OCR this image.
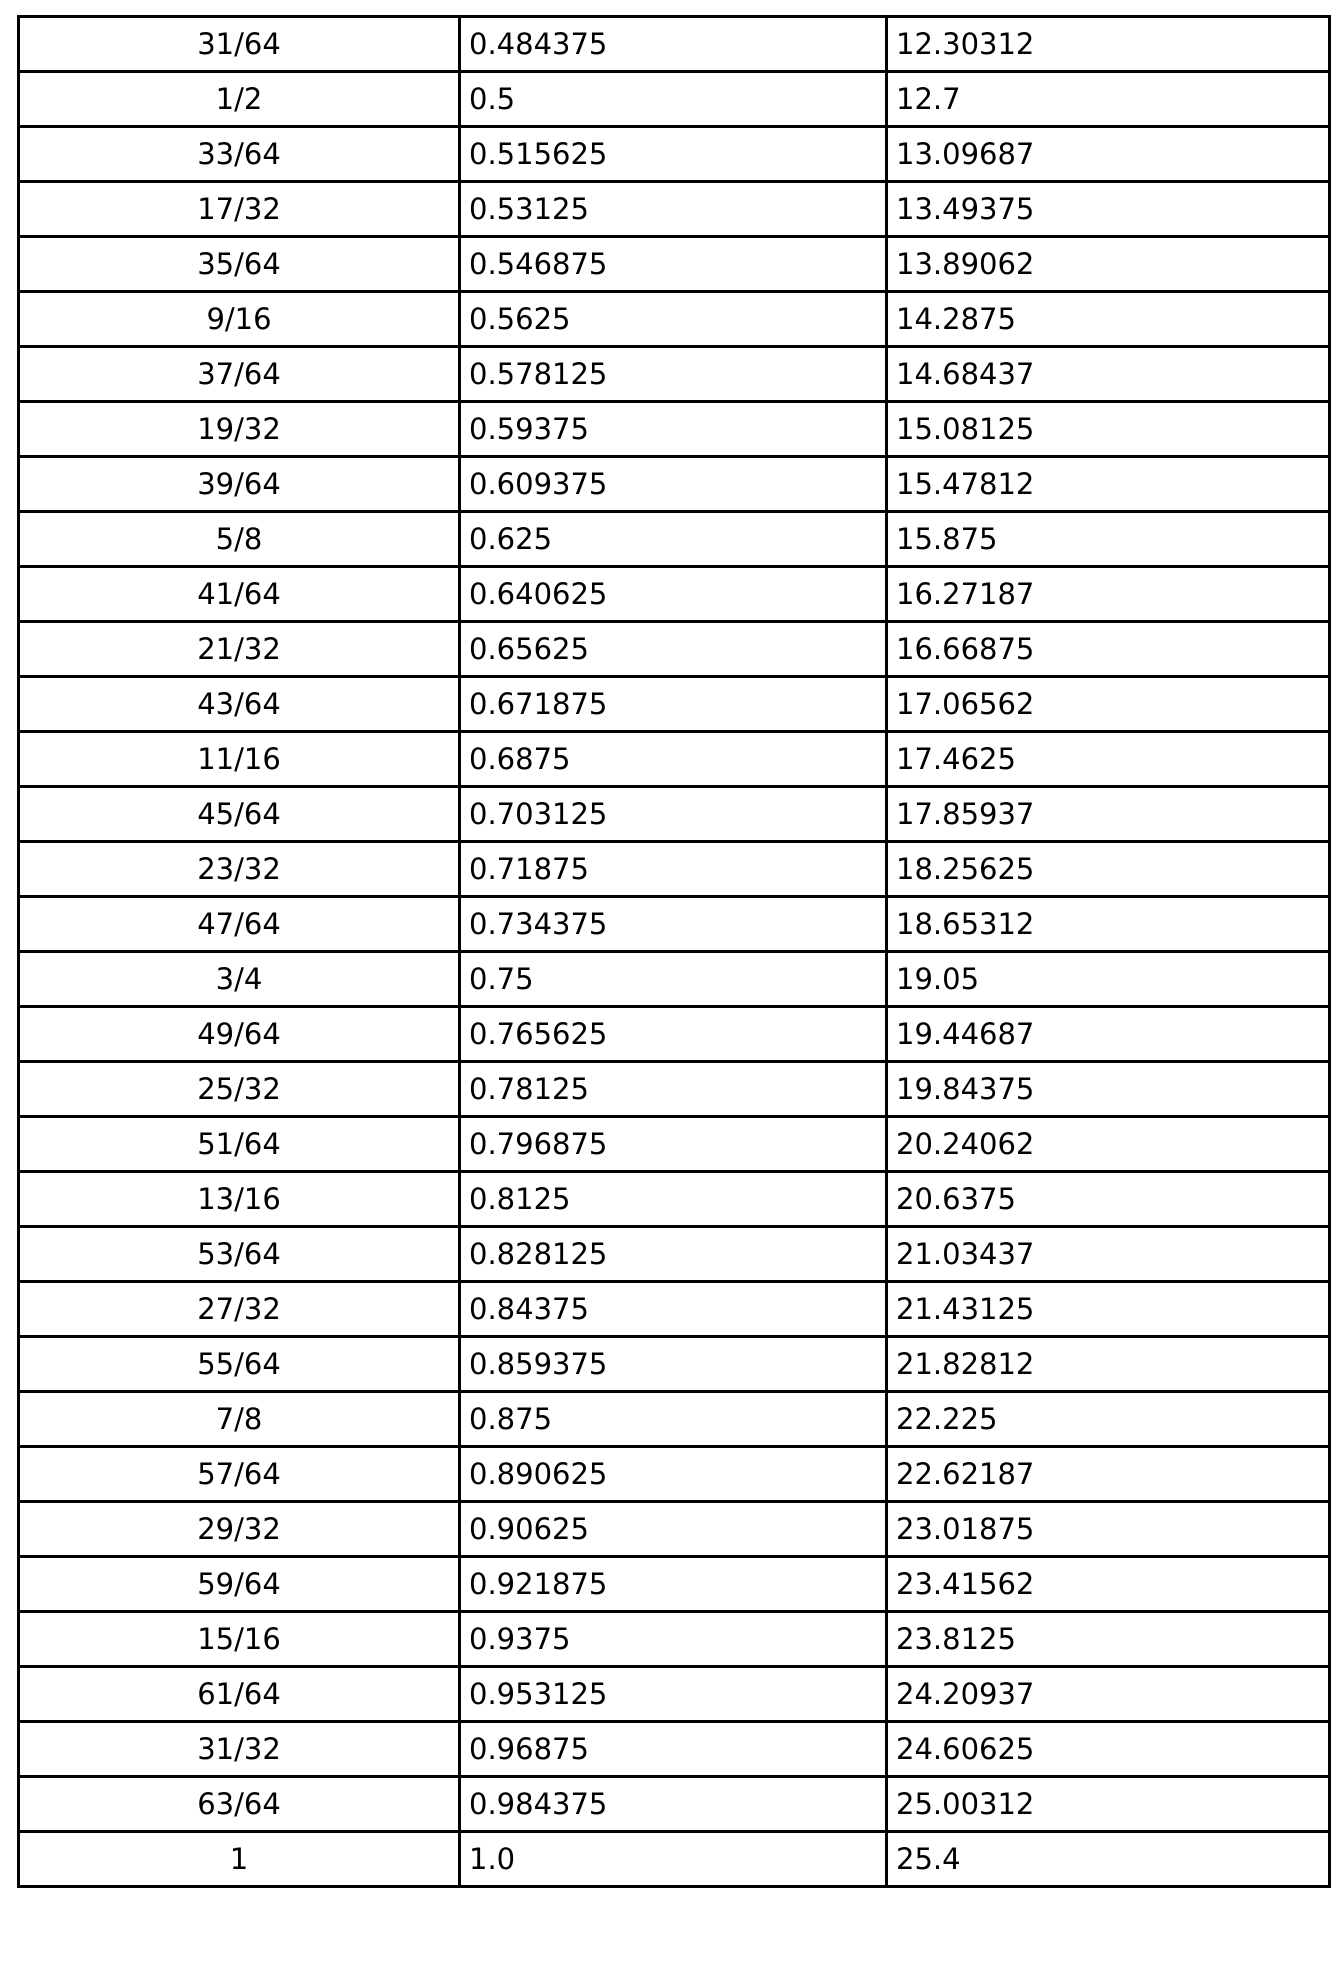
31/64	0.484375	12.30312
1/2	0.5	12.7
33/64	0.515625	13.09687
17/32	0.53125	13.49375
35/64	0.546875	13.89062
9/16	0.5625	14.2875
37/64	0.578125	14.68437
19/32	0.59375	15.08125
39/64	0.609375	15.47812
5/8	0.625	15.875
41/64	0.640625	16.27187
21/32	0.65625	16.66875
43/64	0.671875	17.06562
11/16	0.6875	17.4625
45/64	0.703125	17.85937
23/32	0.71875	18.25625
47/64	0.734375	18.65312
3/4	0.75	19.05
49/64	0.765625	19.44687
25/32	0.78125	19.84375
51/64	0.796875	20.24062
13/16	0.8125	20.6375
53/64	0.828125	21.03437
27/32	0.84375	21.43125
55/64	0.859375	21.82812
7/8	0.875	22.225
57/64	0.890625	22.62187
29/32	0.90625	23.01875
59/64	0.921875	23.41562
15/16	0.9375	23.8125
61/64	0.953125	24.20937
31/32	0.96875	24.60625
63/64	0.984375	25.00312
1	1.0	25.4
